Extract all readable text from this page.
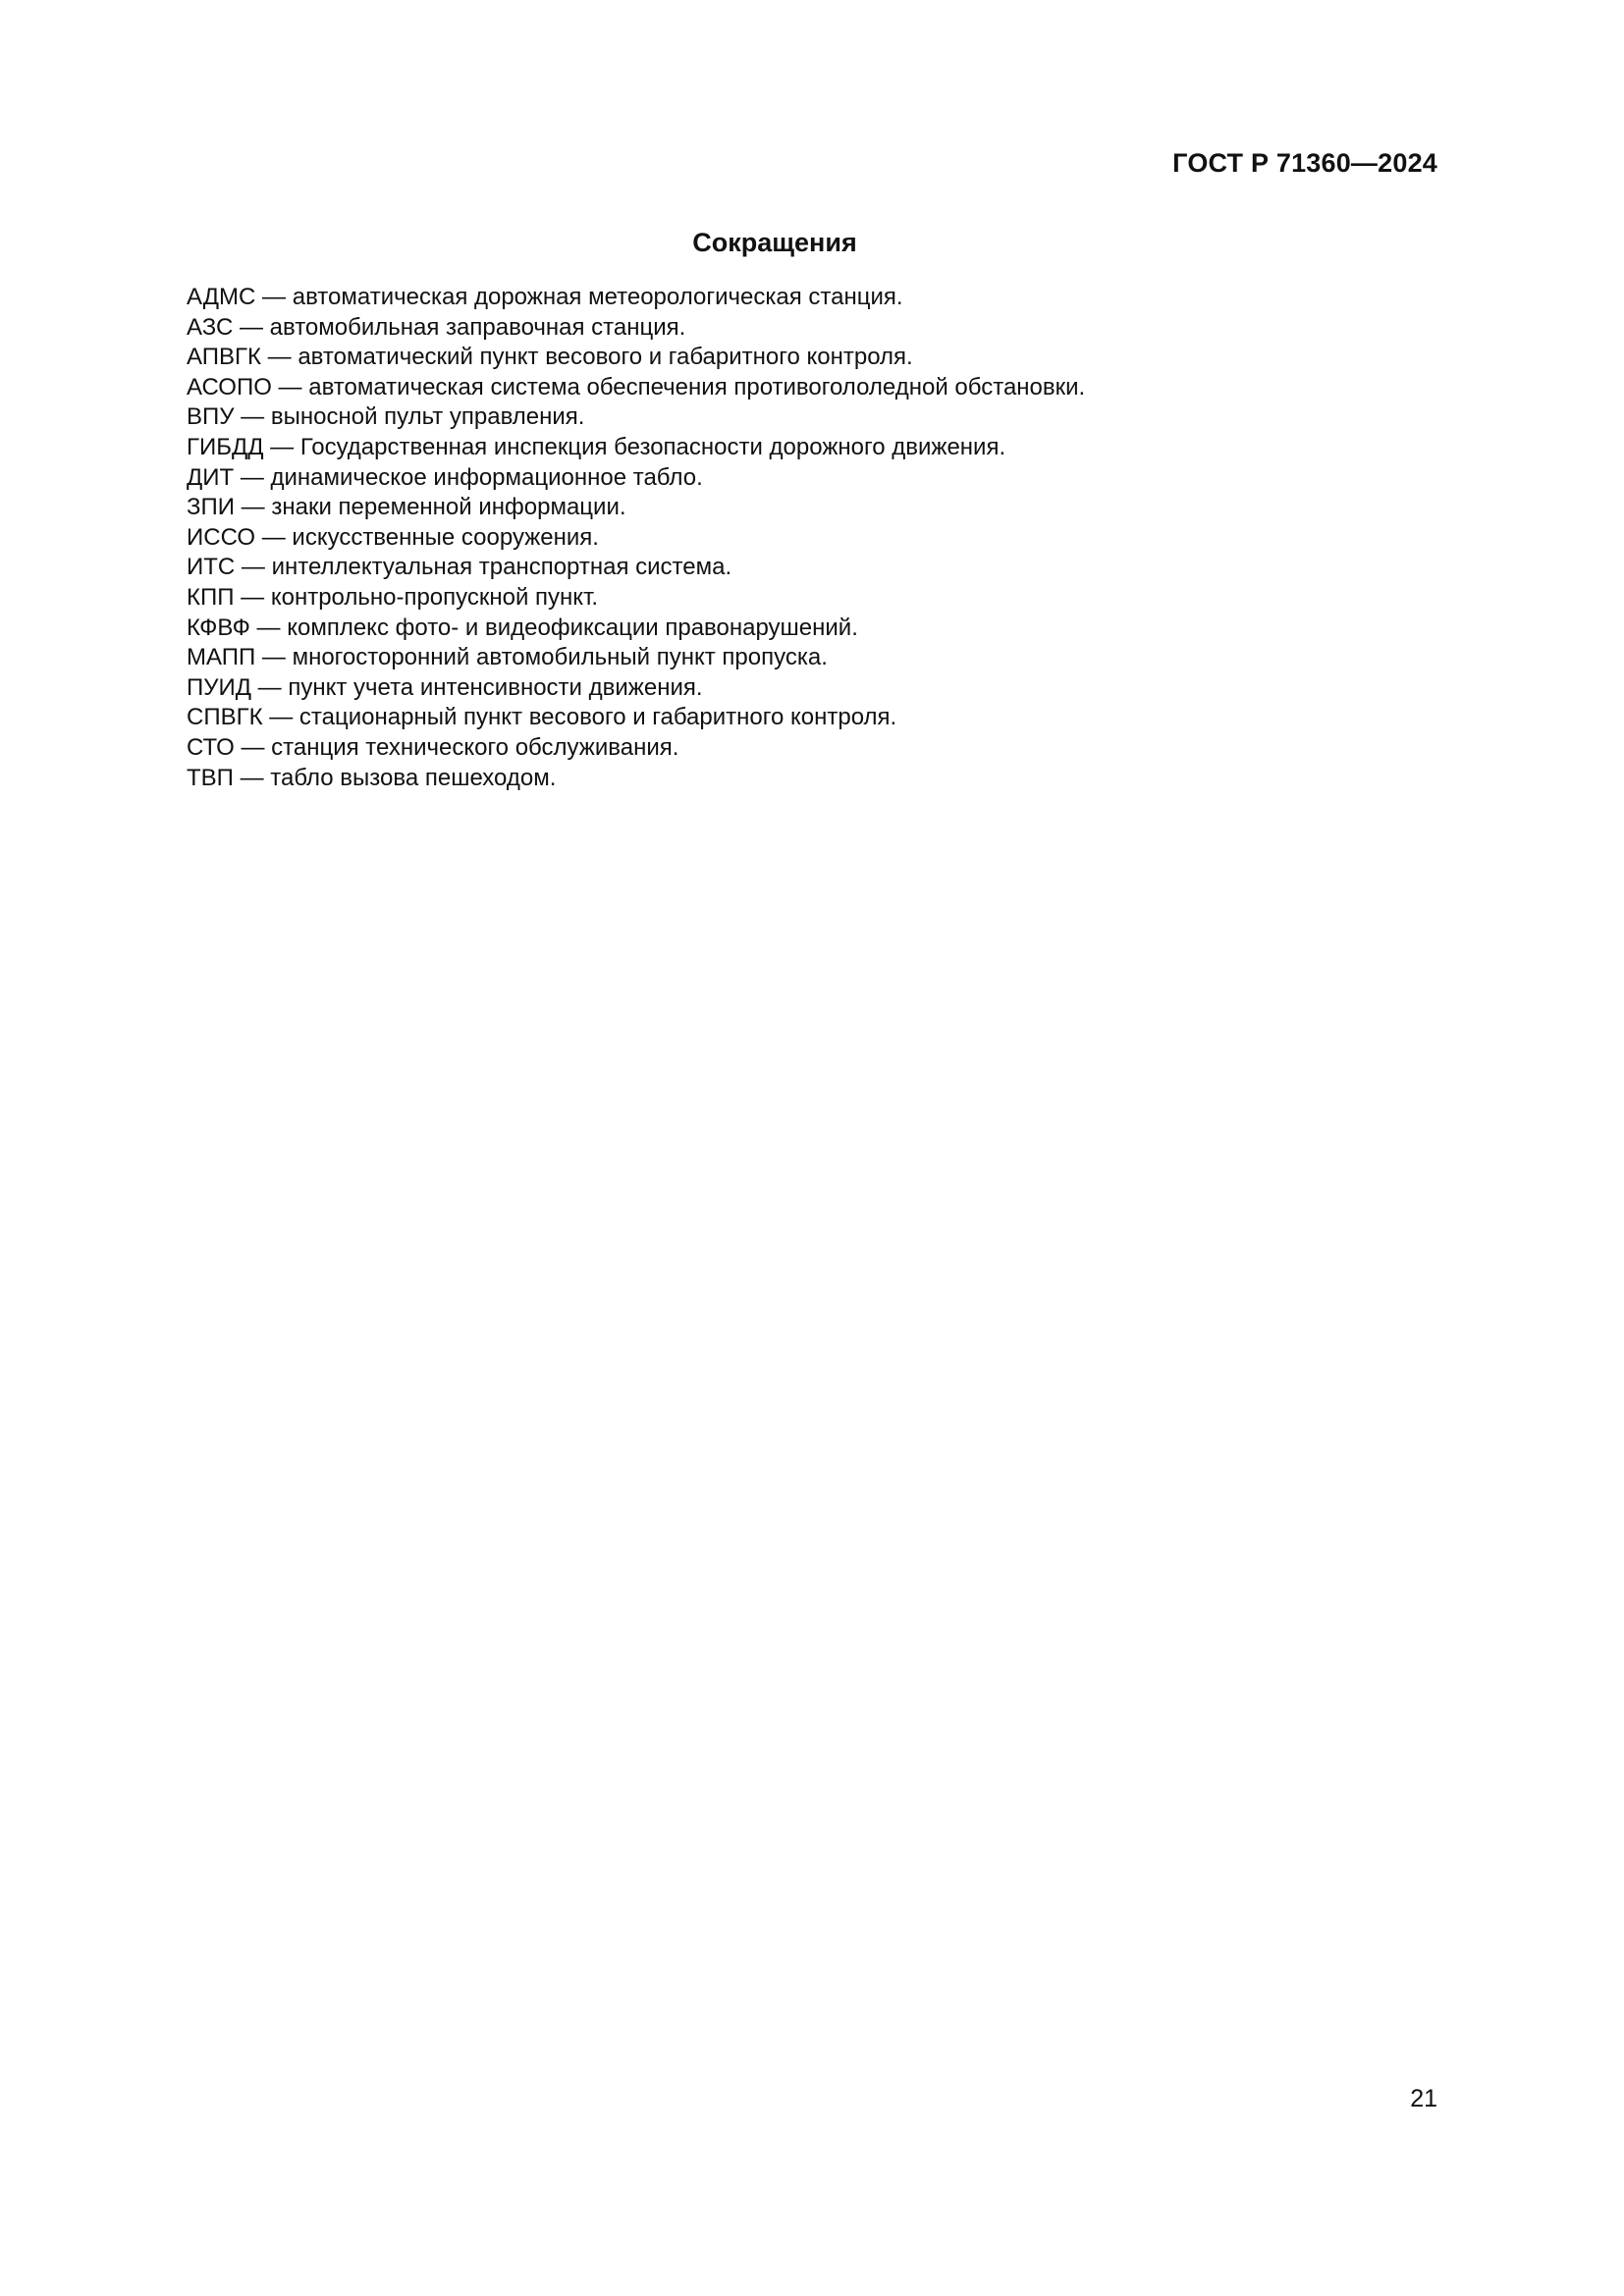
ГОСТ Р 71360—2024
Сокращения
АДМС — автоматическая дорожная метеорологическая станция.
АЗС — автомобильная заправочная станция.
АПВГК — автоматический пункт весового и габаритного контроля.
АСОПО — автоматическая система обеспечения противогололедной обстановки.
ВПУ — выносной пульт управления.
ГИБДД — Государственная инспекция безопасности дорожного движения.
ДИТ — динамическое информационное табло.
ЗПИ — знаки переменной информации.
ИССО — искусственные сооружения.
ИТС — интеллектуальная транспортная система.
КПП — контрольно-пропускной пункт.
КФВФ — комплекс фото- и видеофиксации правонарушений.
МАПП — многосторонний автомобильный пункт пропуска.
ПУИД — пункт учета интенсивности движения.
СПВГК — стационарный пункт весового и габаритного контроля.
СТО — станция технического обслуживания.
ТВП — табло вызова пешеходом.
21
